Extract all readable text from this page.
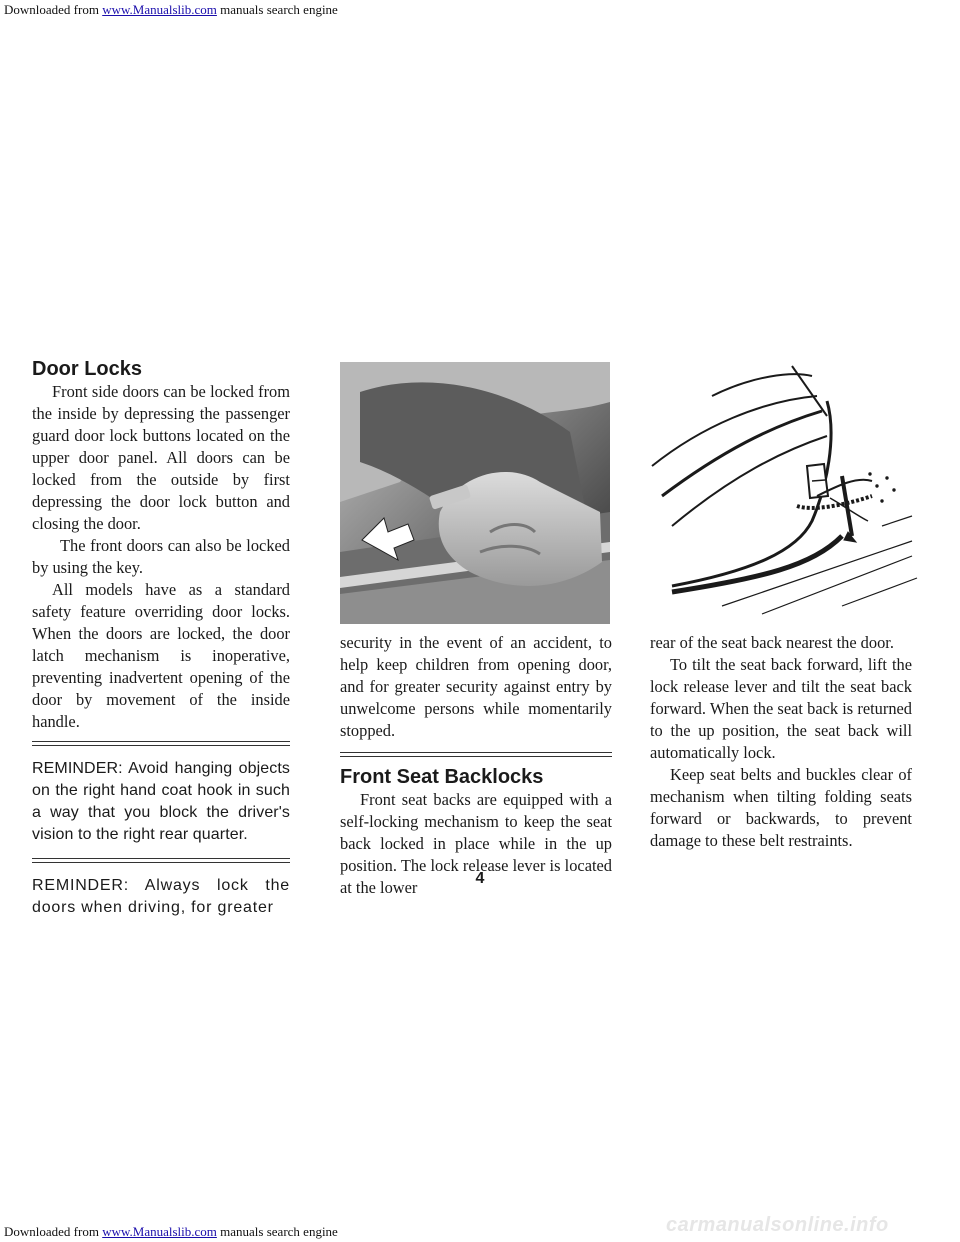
Downloaded from www.Manualslib.com manuals search engine
Door Locks

Front side doors can be locked from the inside by depressing the passenger guard door lock buttons located on the upper door panel. All doors can be locked from the outside by first depressing the door lock button and closing the door.

The front doors can also be locked by using the key.

All models have as a standard safety feature overriding door locks. When the doors are locked, the door latch mechanism is inoperative, preventing inadvertent opening of the door by movement of the inside handle.

REMINDER: Avoid hanging objects on the right hand coat hook in such a way that you block the driver's vision to the right rear quarter.

REMINDER: Always lock the doors when driving, for greater

security in the event of an accident, to help keep children from opening door, and for greater security against entry by unwelcome persons while momentarily stopped.

Front Seat Backlocks

Front seat backs are equipped with a self-locking mechanism to keep the seat back locked in place while in the up position. The lock release lever is located at the lower

rear of the seat back nearest the door.

To tilt the seat back forward, lift the lock release lever and tilt the seat back forward. When the seat back is returned to the up position, the seat back will automatically lock.

Keep seat belts and buckles clear of mechanism when tilting folding seats forward or backwards, to prevent damage to these belt restraints.

4
Downloaded from www.Manualslib.com manuals search engine	carmanualsonline.info
